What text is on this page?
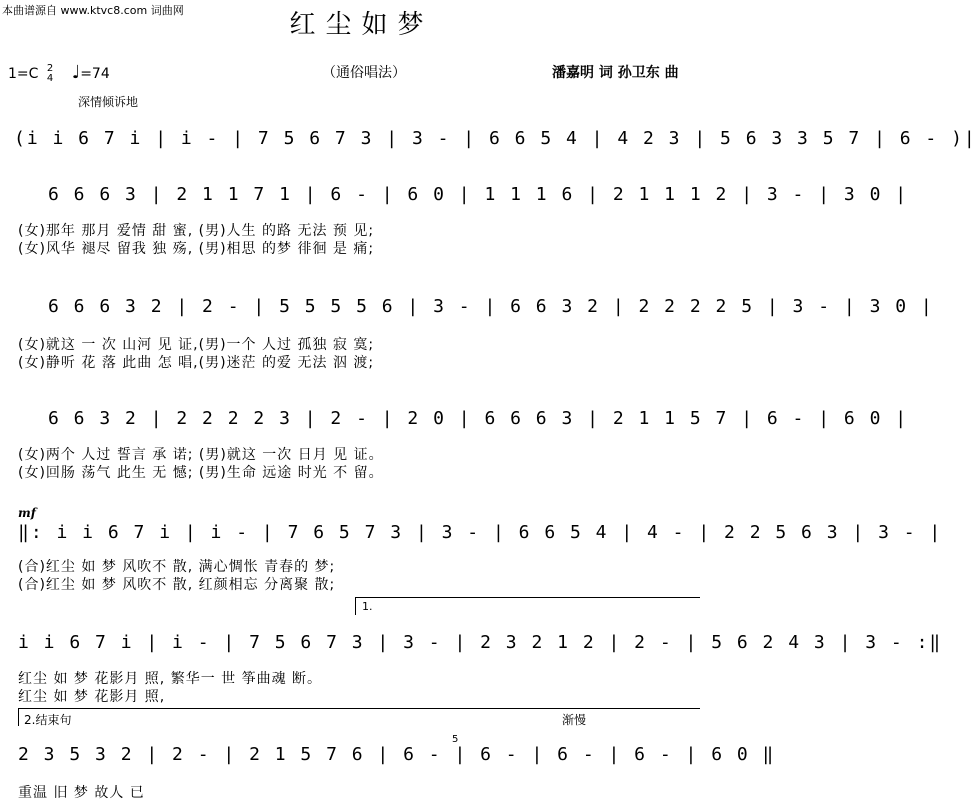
本曲谱源自 www.ktvc8.com 词曲网	红尘如梦
1=C 2
4 ♩=74	（通俗唱法）	潘嘉明 词 孙卫东 曲
深情倾诉地
(i i 6 7 i | i - | 7 5 6 7 3 | 3 - | 6 6 5 4 | 4 2 3 | 5 6 3 3 5 7 | 6 - )|
6 6 6 3 | 2 1 1 7 1 | 6 - | 6 0 | 1 1 1 6 | 2 1 1 1 2 | 3 - | 3 0 |
(女)那年 那月 爱情 甜 蜜, (男)人生 的路 无法 预 见;
(女)风华 褪尽 留我 独 殇, (男)相思 的梦 徘徊 是 痛;
6 6 6 3 2 | 2 - | 5 5 5 5 6 | 3 - | 6 6 3 2 | 2 2 2 2 5 | 3 - | 3 0 |
(女)就这 一 次 山河 见 证,(男)一个 人过 孤独 寂 寞;
(女)静听 花 落 此曲 怎 唱,(男)迷茫 的爱 无法 泅 渡;
6 6 3 2 | 2 2 2 2 3 | 2 - | 2 0 | 6 6 6 3 | 2 1 1 5 7 | 6 - | 6 0 |
(女)两个 人过 誓言 承 诺; (男)就这 一次 日月 见 证。
(女)回肠 荡气 此生 无 憾; (男)生命 远途 时光 不 留。
mf
‖: i i 6 7 i | i - | 7 6 5 7 3 | 3 - | 6 6 5 4 | 4 - | 2 2 5 6 3 | 3 - |
(合)红尘 如 梦 风吹不 散, 满心惆怅 青春的 梦;
(合)红尘 如 梦 风吹不 散, 红颜相忘 分离聚 散;
1.
i i 6 7 i | i - | 7 5 6 7 3 | 3 - | 2 3 2 1 2 | 2 - | 5 6 2 4 3 | 3 - :‖
红尘 如 梦 花影月 照, 繁华一 世 筝曲魂 断。
红尘 如 梦 花影月 照,
2.结束句	渐慢
5
2 3 5 3 2 | 2 - | 2 1 5 7 6 | 6 - | 6 - | 6 - | 6 - | 6 0 ‖
重温 旧 梦 故人 已
